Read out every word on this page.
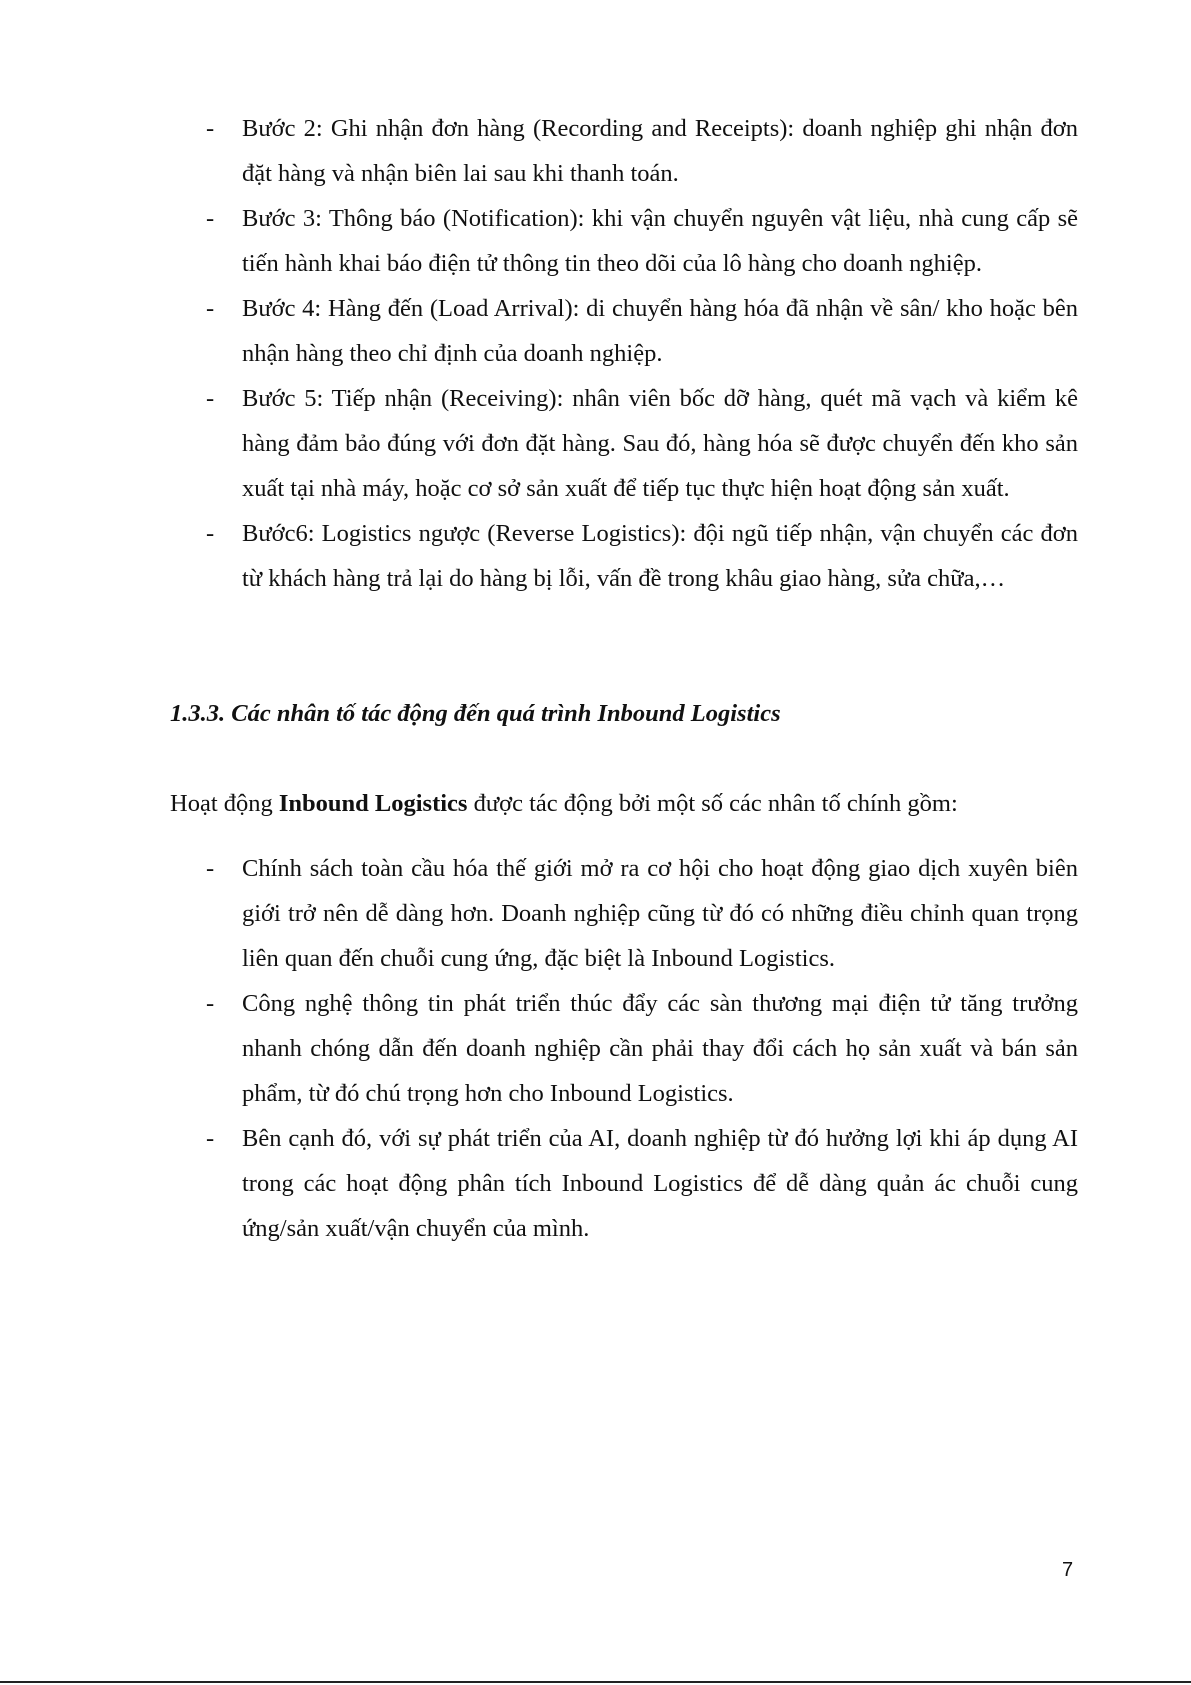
- Bước 2: Ghi nhận đơn hàng (Recording and Receipts): doanh nghiệp ghi nhận đơn đặt hàng và nhận biên lai sau khi thanh toán.
- Bước 3: Thông báo (Notification): khi vận chuyển nguyên vật liệu, nhà cung cấp sẽ tiến hành khai báo điện tử thông tin theo dõi của lô hàng cho doanh nghiệp.
- Bước 4: Hàng đến (Load Arrival): di chuyển hàng hóa đã nhận về sân/ kho hoặc bên nhận hàng theo chỉ định của doanh nghiệp.
- Bước 5: Tiếp nhận (Receiving): nhân viên bốc dỡ hàng, quét mã vạch và kiểm kê hàng đảm bảo đúng với đơn đặt hàng. Sau đó, hàng hóa sẽ được chuyển đến kho sản xuất tại nhà máy, hoặc cơ sở sản xuất để tiếp tục thực hiện hoạt động sản xuất.
- Bước6: Logistics ngược (Reverse Logistics): đội ngũ tiếp nhận, vận chuyển các đơn từ khách hàng trả lại do hàng bị lỗi, vấn đề trong khâu giao hàng, sửa chữa,…
1.3.3. Các nhân tố tác động đến quá trình Inbound Logistics
Hoạt động Inbound Logistics được tác động bởi một số các nhân tố chính gồm:
- Chính sách toàn cầu hóa thế giới mở ra cơ hội cho hoạt động giao dịch xuyên biên giới trở nên dễ dàng hơn. Doanh nghiệp cũng từ đó có những điều chỉnh quan trọng liên quan đến chuỗi cung ứng, đặc biệt là Inbound Logistics.
- Công nghệ thông tin phát triển thúc đẩy các sàn thương mại điện tử tăng trưởng nhanh chóng dẫn đến doanh nghiệp cần phải thay đổi cách họ sản xuất và bán sản phẩm, từ đó chú trọng hơn cho Inbound Logistics.
- Bên cạnh đó, với sự phát triển của AI, doanh nghiệp từ đó hưởng lợi khi áp dụng AI trong các hoạt động phân tích Inbound Logistics để dễ dàng quản ác chuỗi cung ứng/sản xuất/vận chuyển của mình.
7
